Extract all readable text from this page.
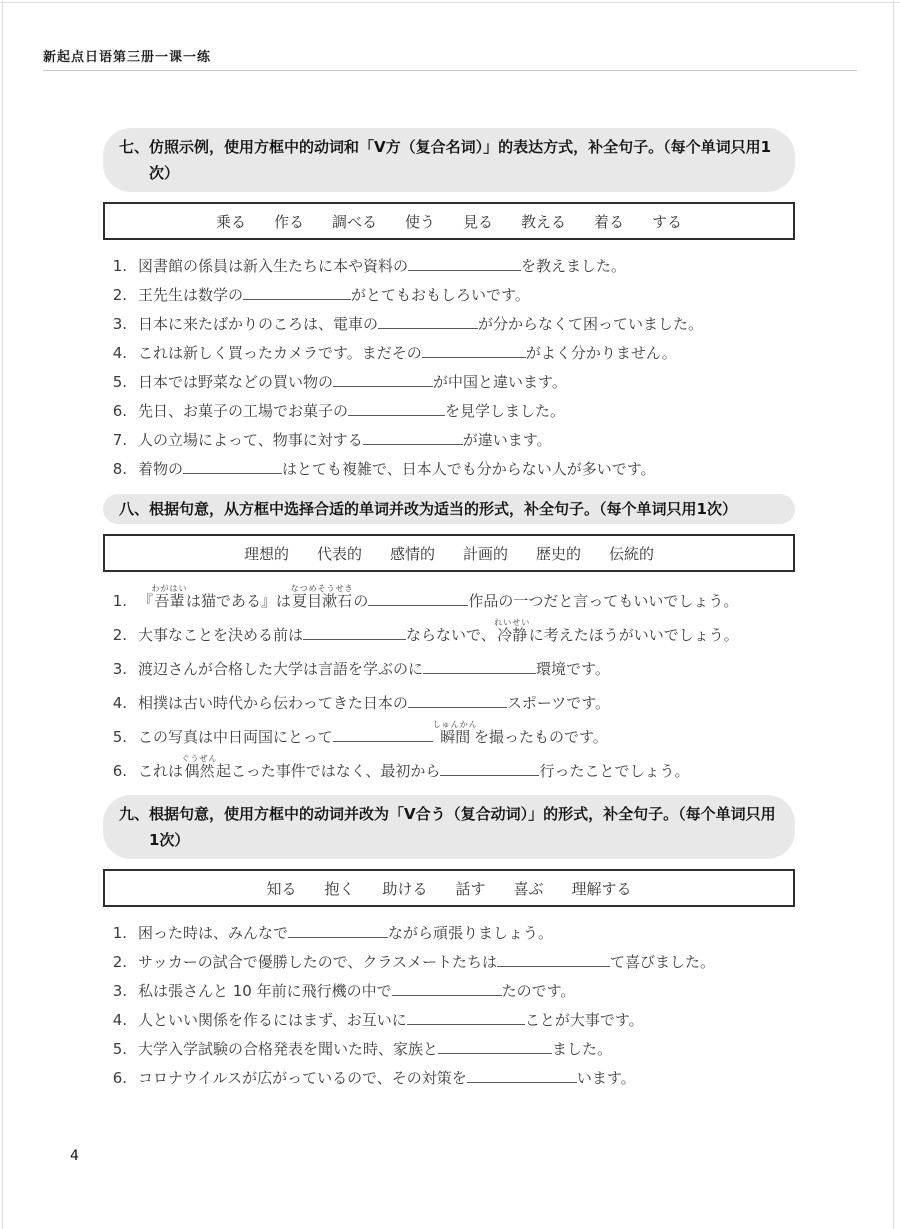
新起点日语第三册一课一练
七、仿照示例，使用方框中的动词和「V方（复合名词）」的表达方式，补全句子。（每个单词只用1次）
乗る 作る 調べる 使う 見る 教える 着る する
1. 図書館の係員は新入生たちに本や資料の	を教えました。
2. 王先生は数学の	がとてもおもしろいです。
3. 日本に来たばかりのころは、電車の	が分からなくて困っていました。
4. これは新しく買ったカメラです。まだその	がよく分かりません。
5. 日本では野菜などの買い物の	が中国と違います。
6. 先日、お菓子の工場でお菓子の	を見学しました。
7. 人の立場によって、物事に対する	が違います。
8. 着物の	はとても複雑で、日本人でも分からない人が多いです。
八、根据句意，从方框中选择合适的单词并改为适当的形式，补全句子。（每个单词只用1次）
理想的 代表的 感情的 計画的 歴史的 伝統的
1. 『吾輩わがはいは猫である』は夏目漱石なつめそうせきの	作品の一つだと言ってもいいでしょう。
2. 大事なことを決める前は	ならないで、冷静れいせいに考えたほうがいいでしょう。
3. 渡辺さんが合格した大学は言語を学ぶのに	環境です。
4. 相撲は古い時代から伝わってきた日本の	スポーツです。
5. この写真は中日両国にとって	瞬間しゅんかんを撮ったものです。
6. これは偶然ぐうぜん起こった事件ではなく、最初から	行ったことでしょう。
九、根据句意，使用方框中的动词并改为「V合う（复合动词）」的形式，补全句子。（每个单词只用1次）
知る 抱く 助ける 話す 喜ぶ 理解する
1. 困った時は、みんなで	ながら頑張りましょう。
2. サッカーの試合で優勝したので、クラスメートたちは	て喜びました。
3. 私は張さんと 10 年前に飛行機の中で	たのです。
4. 人といい関係を作るにはまず、お互いに	ことが大事です。
5. 大学入学試験の合格発表を聞いた時、家族と	ました。
6. コロナウイルスが広がっているので、その対策を	います。
4
